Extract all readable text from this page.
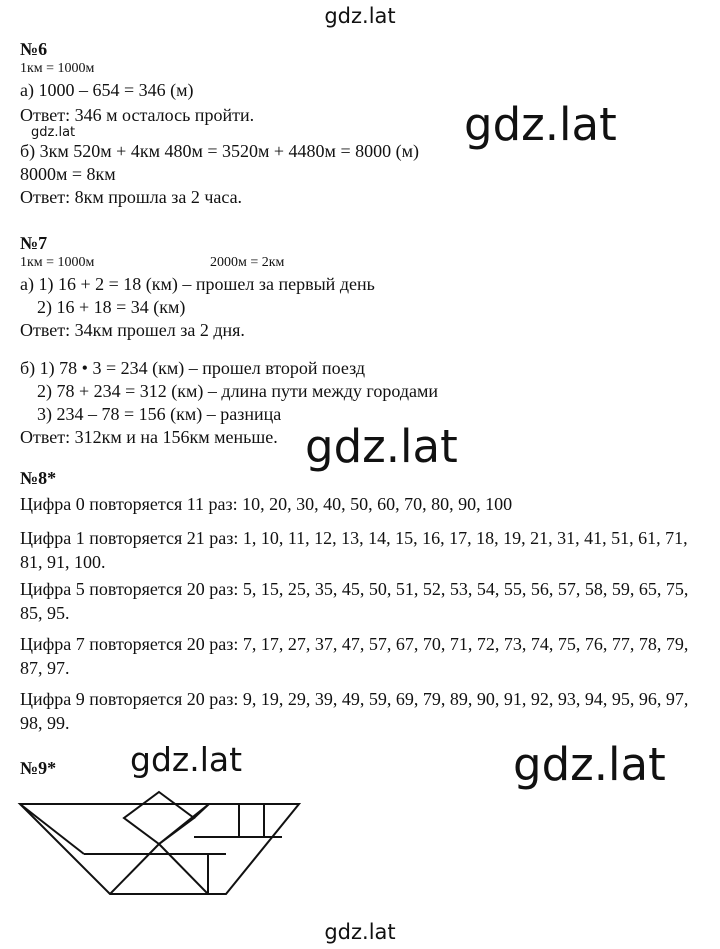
gdz.lat
gdz.lat	gdz.lat
gdz.lat
gdz.lat	gdz.lat
gdz.lat
№6
1км = 1000м
а) 1000 – 654 = 346 (м)
Ответ: 346 м осталось пройти.
б) 3км 520м + 4км 480м = 3520м + 4480м = 8000 (м)
8000м = 8км
Ответ: 8км прошла за 2 часа.
№7
1км = 1000м	2000м = 2км
а) 1) 16 + 2 = 18 (км) – прошел за первый день
2) 16 + 18 = 34 (км)
Ответ: 34км прошел за 2 дня.
б) 1) 78 • 3 = 234 (км) – прошел второй поезд
2) 78 + 234 = 312 (км) – длина пути между городами
3) 234 – 78 = 156 (км) – разница
Ответ: 312км и на 156км меньше.
№8*
Цифра 0 повторяется 11 раз: 10, 20, 30, 40, 50, 60, 70, 80, 90, 100
Цифра 1 повторяется 21 раз: 1, 10, 11, 12, 13, 14, 15, 16, 17, 18, 19, 21, 31, 41, 51, 61, 71, 81, 91, 100.
Цифра 5 повторяется 20 раз: 5, 15, 25, 35, 45, 50, 51, 52, 53, 54, 55, 56, 57, 58, 59, 65, 75, 85, 95.
Цифра 7 повторяется 20 раз: 7, 17, 27, 37, 47, 57, 67, 70, 71, 72, 73, 74, 75, 76, 77, 78, 79, 87, 97.
Цифра 9 повторяется 20 раз: 9, 19, 29, 39, 49, 59, 69, 79, 89, 90, 91, 92, 93, 94, 95, 96, 97, 98, 99.
№9*
